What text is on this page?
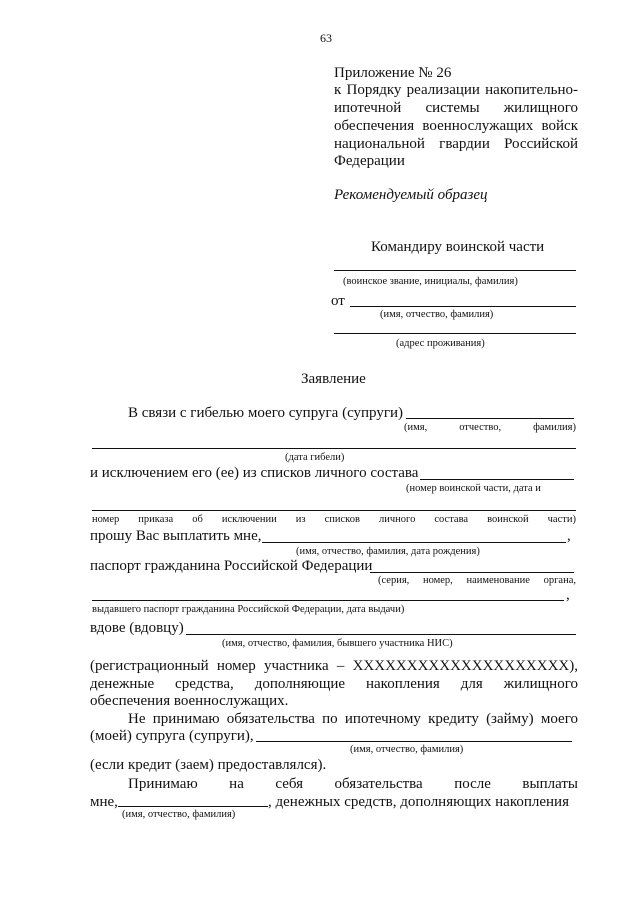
63
Приложение № 26
к Порядку реализации накопительно-
ипотечной системы жилищного
обеспечения военнослужащих войск
национальной гвардии Российской
Федерации
Рекомендуемый образец
Командиру воинской части
(воинское звание, инициалы, фамилия)
от
(имя, отчество, фамилия)
(адрес проживания)
Заявление
В связи с гибелью моего супруга (супруги)
(имя,	отчество,	фамилия)
(дата гибели)
и исключением его (ее) из списков личного состава
(номер воинской части, дата и
номер приказа об исключении из списков личного состава воинской части)
прошу Вас выплатить мне,	,
(имя, отчество, фамилия, дата рождения)
паспорт гражданина Российской Федерации
(серия, номер, наименование органа,
,
выдавшего паспорт гражданина Российской Федерации, дата выдачи)
вдове (вдовцу)
(имя, отчество, фамилия, бывшего участника НИС)
(регистрационный номер участника – XXXXXXXXXXXXXXXXXXXX),
денежные средства, дополняющие накопления для жилищного
обеспечения военнослужащих.
Не принимаю обязательства по ипотечному кредиту (займу) моего
(моей) супруга (супруги),
(имя, отчество, фамилия)
(если кредит (заем) предоставлялся).
Принимаю на себя обязательства после выплаты
мне,	, денежных средств, дополняющих накопления
(имя, отчество, фамилия)
